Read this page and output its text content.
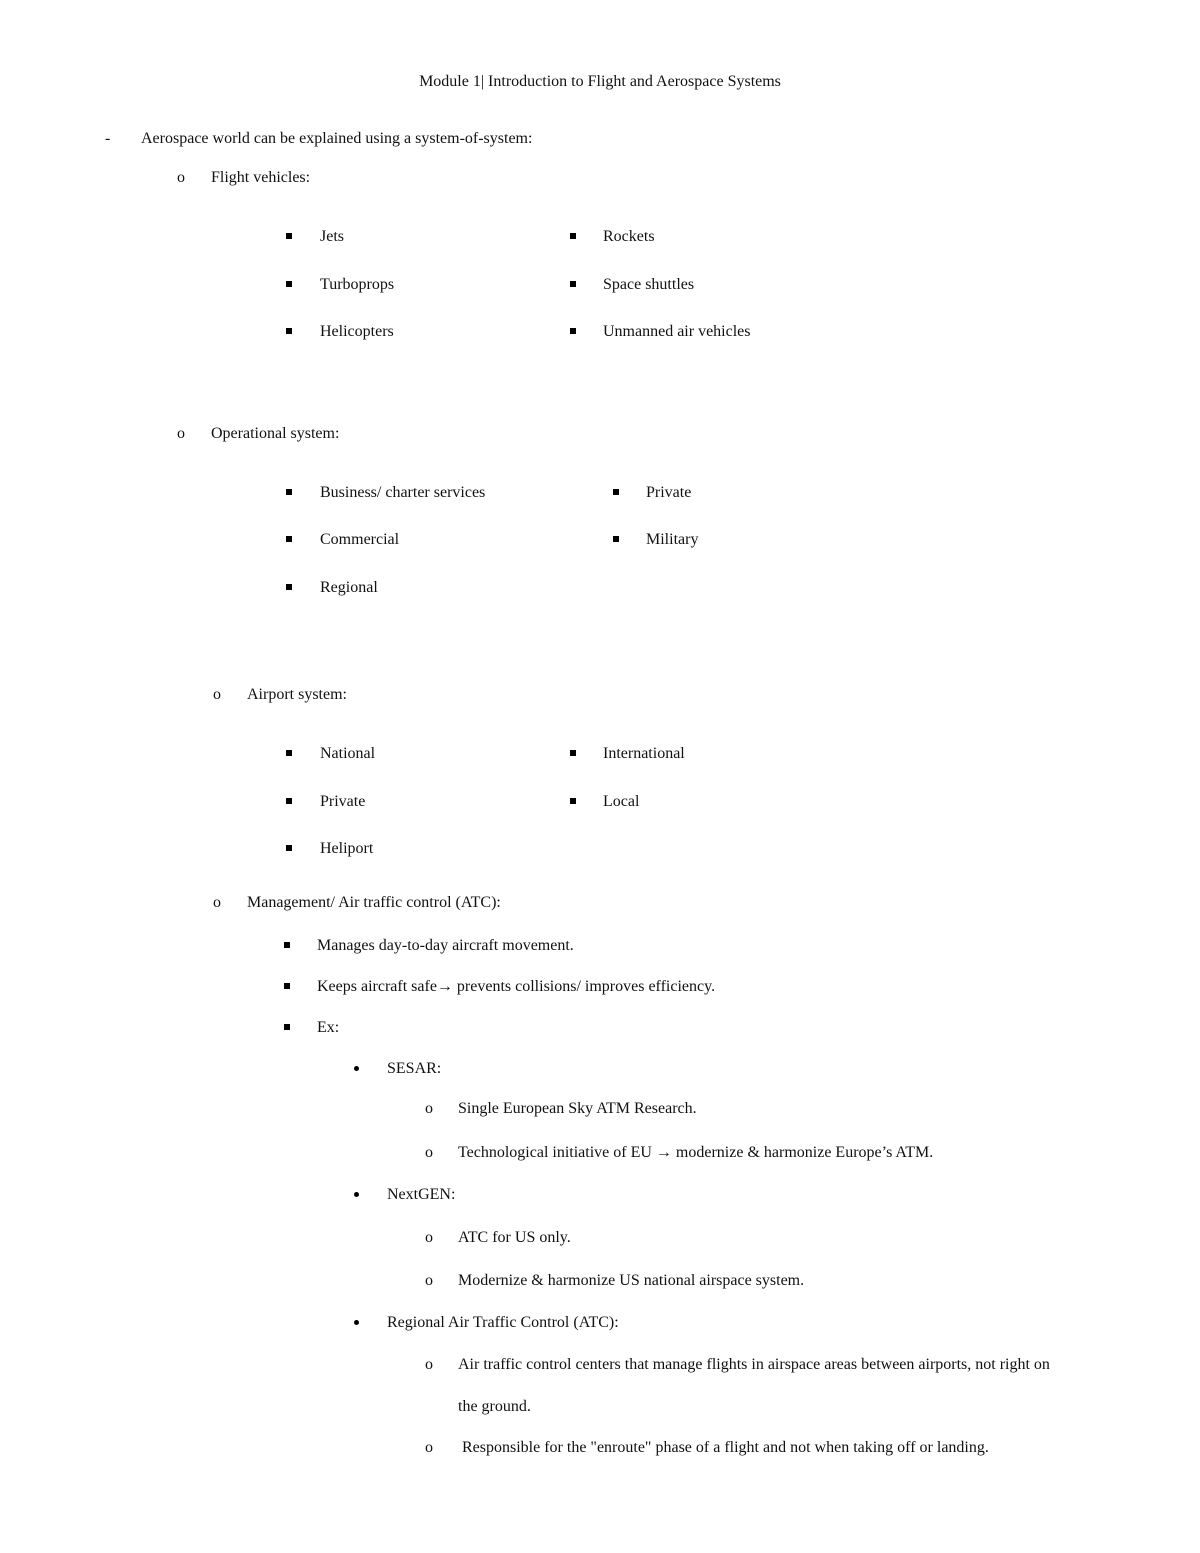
Module 1| Introduction to Flight and Aerospace Systems
- Aerospace world can be explained using a system-of-system:
o Flight vehicles:
Jets
Turboprops
Helicopters
Rockets
Space shuttles
Unmanned air vehicles
o Operational system:
Business/ charter services
Commercial
Regional
Private
Military
o Airport system:
National
Private
Heliport
International
Local
o Management/ Air traffic control (ATC):
Manages day-to-day aircraft movement.
Keeps aircraft safe→ prevents collisions/ improves efficiency.
Ex:
SESAR:
o Single European Sky ATM Research.
o Technological initiative of EU → modernize & harmonize Europe’s ATM.
NextGEN:
o ATC for US only.
o Modernize & harmonize US national airspace system.
Regional Air Traffic Control (ATC):
o Air traffic control centers that manage flights in airspace areas between airports, not right on
the ground.
o Responsible for the "enroute" phase of a flight and not when taking off or landing.
